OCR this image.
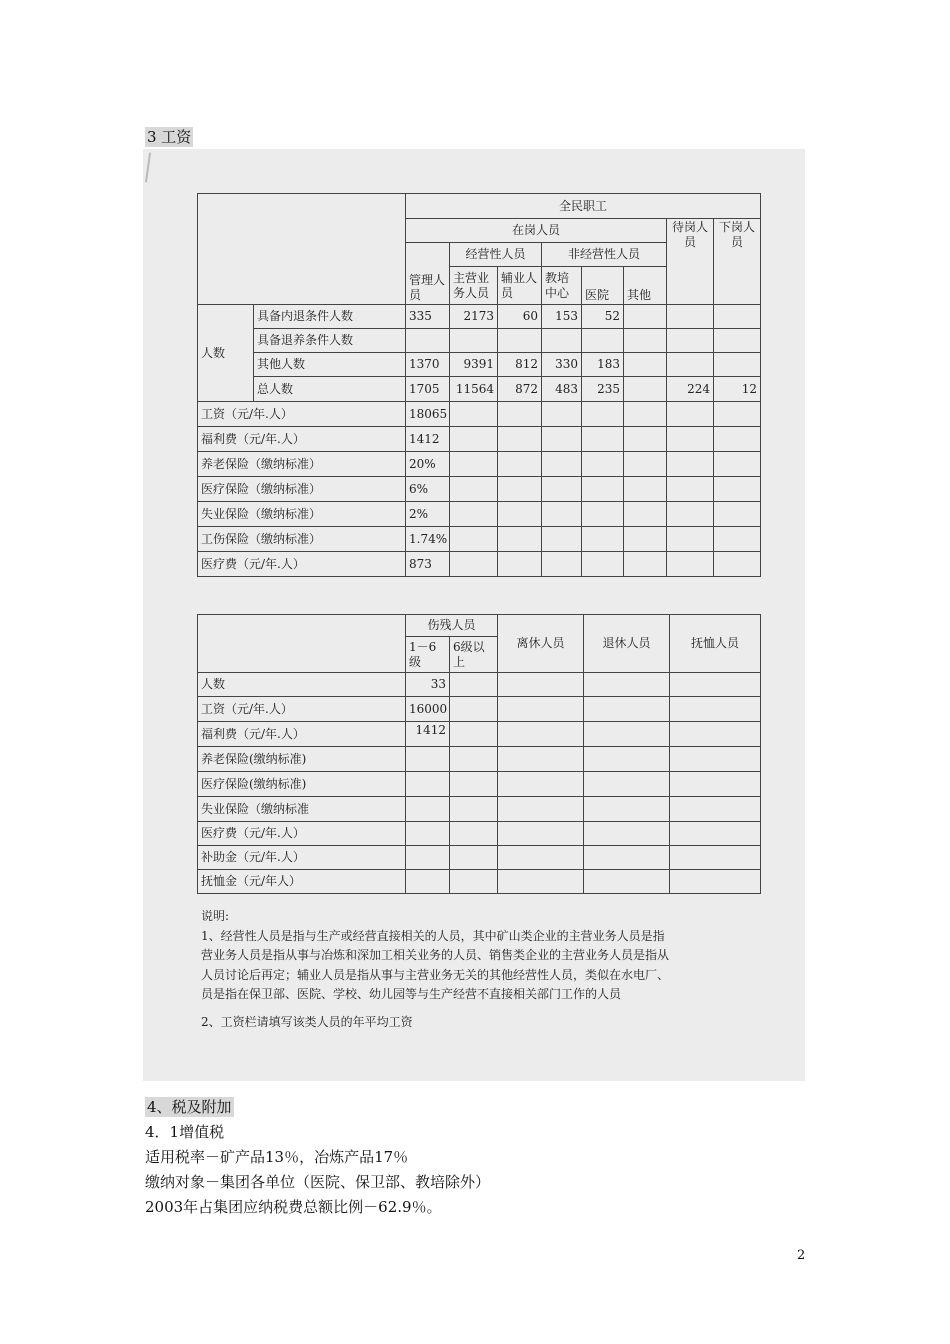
3 工资
		全民职工							
		在岗人员						待岗人员	下岗人员
		管理人员	经营性人员		非经营性人员				
			主营业务人员	辅业人员	教培中心	医院	其他		
人数	具备内退条件人数	335	2173	60	153	52			
	具备退养条件人数								
	其他人数	1370	9391	812	330	183			
	总人数	1705	11564	872	483	235		224	12
工资（元/年.人）		18065							
福利费（元/年.人）		1412							
养老保险（缴纳标准）		20%							
医疗保险（缴纳标准）		6%							
失业保险（缴纳标准）		2%							
工伤保险（缴纳标准）		1.74%							
医疗费（元/年.人）		873							
	伤残人员		离休人员	退休人员	抚恤人员
	1－6级	6级以上			
人数	33				
工资（元/年.人）	16000				
福利费（元/年.人）	1412				
养老保险(缴纳标准)					
医疗保险(缴纳标准)					
失业保险（缴纳标准					
医疗费（元/年.人）					
补助金（元/年.人）					
抚恤金（元/年人）					
说明:
1、经营性人员是指与生产或经营直接相关的人员，其中矿山类企业的主营业务人员是指
营业务人员是指从事与冶炼和深加工相关业务的人员、销售类企业的主营业务人员是指从
人员讨论后再定；辅业人员是指从事与主营业务无关的其他经营性人员，类似在水电厂、
员是指在保卫部、医院、学校、幼儿园等与生产经营不直接相关部门工作的人员
2、工资栏请填写该类人员的年平均工资
4、税及附加
4．1增值税
适用税率－矿产品13％，冶炼产品17％
缴纳对象－集团各单位（医院、保卫部、教培除外）
2003年占集团应纳税费总额比例－62.9％。
2
